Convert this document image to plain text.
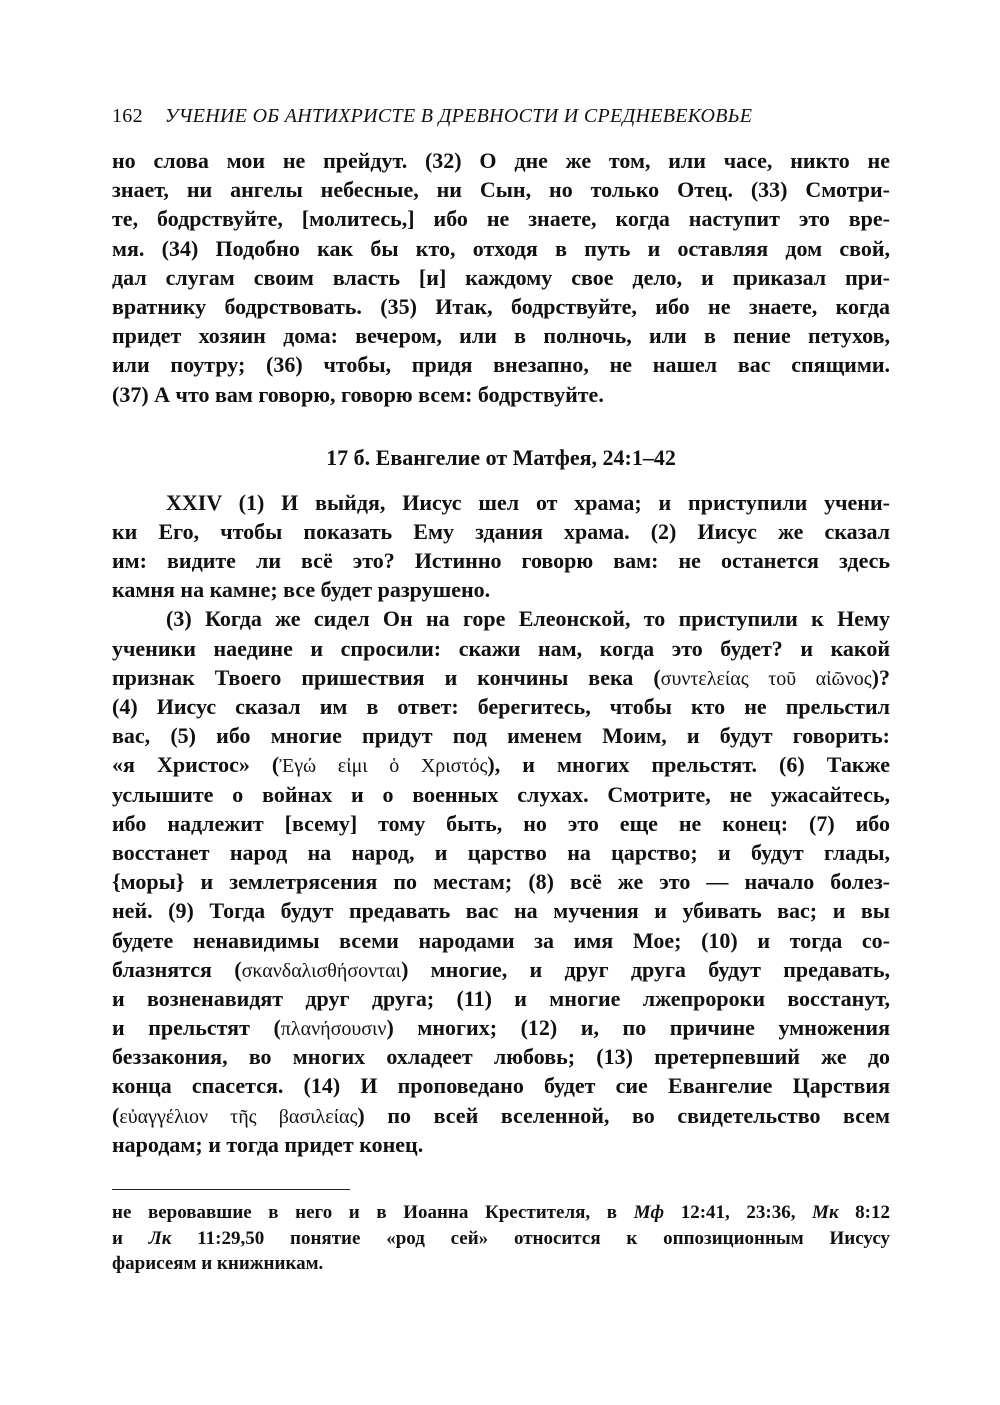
162 УЧЕНИЕ ОБ АНТИХРИСТЕ В ДРЕВНОСТИ И СРЕДНЕВЕКОВЬЕ
но слова мои не прейдут. (32) О дне же том, или часе, никто не
знает, ни ангелы небесные, ни Сын, но только Отец. (33) Смотри-
те, бодрствуйте, [молитесь,] ибо не знаете, когда наступит это вре-
мя. (34) Подобно как бы кто, отходя в путь и оставляя дом свой,
дал слугам своим власть [и] каждому свое дело, и приказал при-
вратнику бодрствовать. (35) Итак, бодрствуйте, ибо не знаете, когда
придет хозяин дома: вечером, или в полночь, или в пение петухов,
или поутру; (36) чтобы, придя внезапно, не нашел вас спящими.
(37) А что вам говорю, говорю всем: бодрствуйте.
17 б. Евангелие от Матфея, 24:1–42
XXIV (1) И выйдя, Иисус шел от храма; и приступили учени-
ки Его, чтобы показать Ему здания храма. (2) Иисус же сказал
им: видите ли всё это? Истинно говорю вам: не останется здесь
камня на камне; все будет разрушено.
(3) Когда же сидел Он на горе Елеонской, то приступили к Нему
ученики наедине и спросили: скажи нам, когда это будет? и какой
признак Твоего пришествия и кончины века (συντελείας τοῦ αἰῶνος)?
(4) Иисус сказал им в ответ: берегитесь, чтобы кто не прельстил
вас, (5) ибо многие придут под именем Моим, и будут говорить:
«я Христос» (Ἐγώ εἰμι ὁ Χριστός), и многих прельстят. (6) Также
услышите о войнах и о военных слухах. Смотрите, не ужасайтесь,
ибо надлежит [всему] тому быть, но это еще не конец: (7) ибо
восстанет народ на народ, и царство на царство; и будут глады,
{моры} и землетрясения по местам; (8) всё же это — начало болез-
ней. (9) Тогда будут предавать вас на мучения и убивать вас; и вы
будете ненавидимы всеми народами за имя Мое; (10) и тогда со-
блазнятся (σκανδαλισθήσονται) многие, и друг друга будут предавать,
и возненавидят друг друга; (11) и многие лжепророки восстанут,
и прельстят (πλανήσουσιν) многих; (12) и, по причине умножения
беззакония, во многих охладеет любовь; (13) претерпевший же до
конца спасется. (14) И проповедано будет сие Евангелие Царствия
(εὐαγγέλιον τῆς βασιλείας) по всей вселенной, во свидетельство всем
народам; и тогда придет конец.
не веровавшие в него и в Иоанна Крестителя, в Мф 12:41, 23:36, Мк 8:12
и Лк 11:29,50 понятие «род сей» относится к оппозиционным Иисусу
фарисеям и книжникам.
